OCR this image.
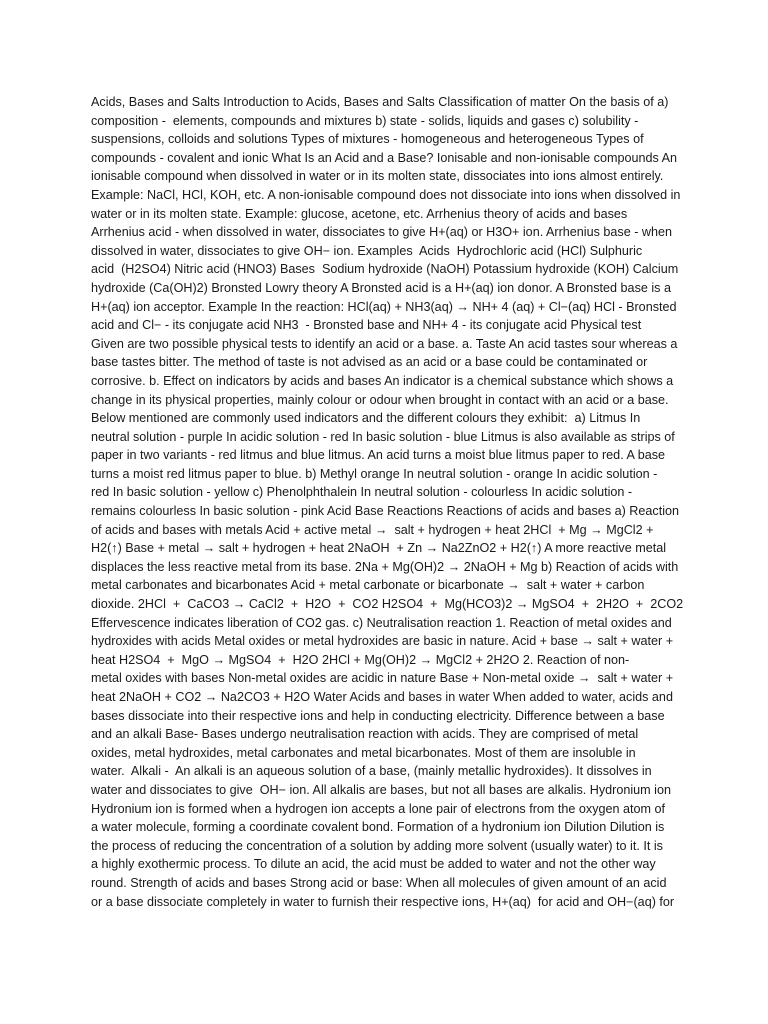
Acids, Bases and Salts Introduction to Acids, Bases and Salts Classification of matter On the basis of a)
composition -  elements, compounds and mixtures b) state - solids, liquids and gases c) solubility -
suspensions, colloids and solutions Types of mixtures - homogeneous and heterogeneous Types of
compounds - covalent and ionic What Is an Acid and a Base? Ionisable and non-ionisable compounds An
ionisable compound when dissolved in water or in its molten state, dissociates into ions almost entirely.
Example: NaCl, HCl, KOH, etc. A non-ionisable compound does not dissociate into ions when dissolved in
water or in its molten state. Example: glucose, acetone, etc. Arrhenius theory of acids and bases
Arrhenius acid - when dissolved in water, dissociates to give H+(aq) or H3O+ ion. Arrhenius base - when
dissolved in water, dissociates to give OH− ion. Examples  Acids  Hydrochloric acid (HCl) Sulphuric
acid  (H2SO4) Nitric acid (HNO3) Bases  Sodium hydroxide (NaOH) Potassium hydroxide (KOH) Calcium
hydroxide (Ca(OH)2) Bronsted Lowry theory A Bronsted acid is a H+(aq) ion donor. A Bronsted base is a
H+(aq) ion acceptor. Example In the reaction: HCl(aq) + NH3(aq) → NH+ 4 (aq) + Cl−(aq) HCl - Bronsted
acid and Cl− - its conjugate acid NH3  - Bronsted base and NH+ 4 - its conjugate acid Physical test
Given are two possible physical tests to identify an acid or a base. a. Taste An acid tastes sour whereas a
base tastes bitter. The method of taste is not advised as an acid or a base could be contaminated or
corrosive. b. Effect on indicators by acids and bases An indicator is a chemical substance which shows a
change in its physical properties, mainly colour or odour when brought in contact with an acid or a base.
Below mentioned are commonly used indicators and the different colours they exhibit:  a) Litmus In
neutral solution - purple In acidic solution - red In basic solution - blue Litmus is also available as strips of
paper in two variants - red litmus and blue litmus. An acid turns a moist blue litmus paper to red. A base
turns a moist red litmus paper to blue. b) Methyl orange In neutral solution - orange In acidic solution -
red In basic solution - yellow c) Phenolphthalein In neutral solution - colourless In acidic solution -
remains colourless In basic solution - pink Acid Base Reactions Reactions of acids and bases a) Reaction
of acids and bases with metals Acid + active metal →  salt + hydrogen + heat 2HCl  + Mg → MgCl2 +
H2(↑) Base + metal → salt + hydrogen + heat 2NaOH  + Zn → Na2ZnO2 + H2(↑) A more reactive metal
displaces the less reactive metal from its base. 2Na + Mg(OH)2 → 2NaOH + Mg b) Reaction of acids with
metal carbonates and bicarbonates Acid + metal carbonate or bicarbonate →  salt + water + carbon
dioxide. 2HCl  +  CaCO3 → CaCl2  +  H2O  +  CO2 H2SO4  +  Mg(HCO3)2 → MgSO4  +  2H2O  +  2CO2
Effervescence indicates liberation of CO2 gas. c) Neutralisation reaction 1. Reaction of metal oxides and
hydroxides with acids Metal oxides or metal hydroxides are basic in nature. Acid + base → salt + water +
heat H2SO4  +  MgO → MgSO4  +  H2O 2HCl + Mg(OH)2 → MgCl2 + 2H2O 2. Reaction of non-
metal oxides with bases Non-metal oxides are acidic in nature Base + Non-metal oxide →  salt + water +
heat 2NaOH + CO2 → Na2CO3 + H2O Water Acids and bases in water When added to water, acids and
bases dissociate into their respective ions and help in conducting electricity. Difference between a base
and an alkali Base- Bases undergo neutralisation reaction with acids. They are comprised of metal
oxides, metal hydroxides, metal carbonates and metal bicarbonates. Most of them are insoluble in
water.  Alkali -  An alkali is an aqueous solution of a base, (mainly metallic hydroxides). It dissolves in
water and dissociates to give  OH− ion. All alkalis are bases, but not all bases are alkalis. Hydronium ion
Hydronium ion is formed when a hydrogen ion accepts a lone pair of electrons from the oxygen atom of
a water molecule, forming a coordinate covalent bond. Formation of a hydronium ion Dilution Dilution is
the process of reducing the concentration of a solution by adding more solvent (usually water) to it. It is
a highly exothermic process. To dilute an acid, the acid must be added to water and not the other way
round. Strength of acids and bases Strong acid or base: When all molecules of given amount of an acid
or a base dissociate completely in water to furnish their respective ions, H+(aq)  for acid and OH−(aq) for
